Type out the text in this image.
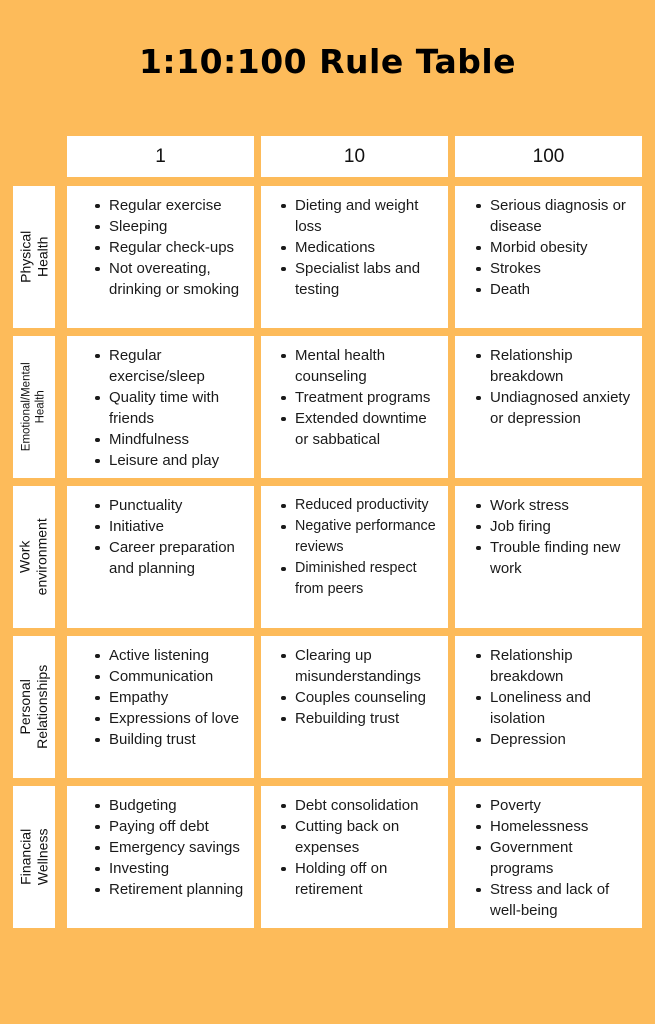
1:10:100 Rule Table
1	10	100
Physical Health
Regular exercise
Sleeping
Regular check-ups
Not overeating, drinking or smoking
Dieting and weight loss
Medications
Specialist labs and testing
Serious diagnosis or disease
Morbid obesity
Strokes
Death
Emotional/Mental Health
Regular exercise/sleep
Quality time with friends
Mindfulness
Leisure and play
Mental health counseling
Treatment programs
Extended downtime or sabbatical
Relationship breakdown
Undiagnosed anxiety or depression
Work environment
Punctuality
Initiative
Career preparation and planning
Reduced productivity
Negative performance reviews
Diminished respect from peers
Work stress
Job firing
Trouble finding new work
Personal Relationships
Active listening
Communication
Empathy
Expressions of love
Building trust
Clearing up misunderstandings
Couples counseling
Rebuilding trust
Relationship breakdown
Loneliness and isolation
Depression
Financial Wellness
Budgeting
Paying off debt
Emergency savings
Investing
Retirement planning
Debt consolidation
Cutting back on expenses
Holding off on retirement
Poverty
Homelessness
Government programs
Stress and lack of well-being
